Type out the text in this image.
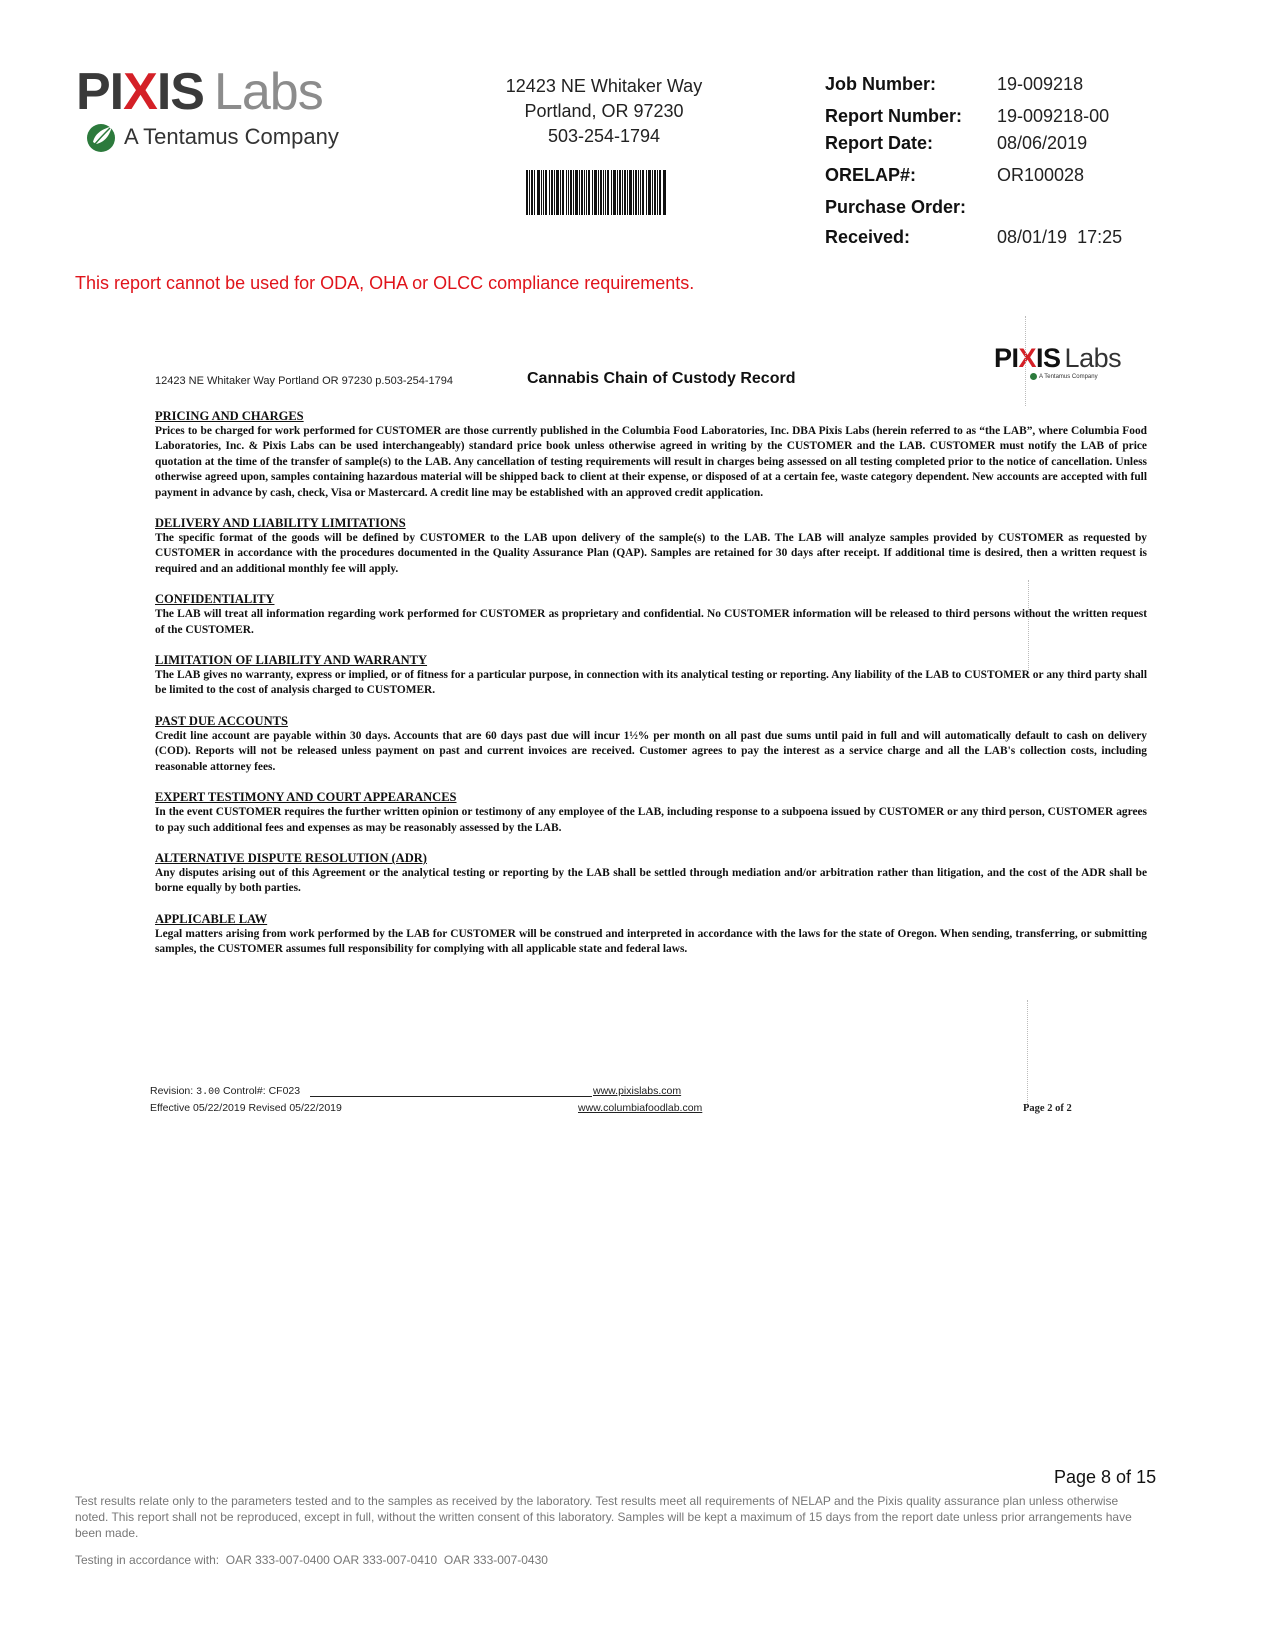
PIXIS Labs
A Tentamus Company
12423 NE Whitaker Way
Portland, OR 97230
503-254-1794
Job Number:	19-009218
Report Number: 19-009218-00
Report Date:	08/06/2019
ORELAP#:	OR100028
Purchase Order:
Received:	08/01/19  17:25
This report cannot be used for ODA, OHA or OLCC compliance requirements.
12423 NE Whitaker Way Portland OR 97230 p.503-254-1794	Cannabis Chain of Custody Record
PIXIS Labs
A Tentamus Company
PRICING AND CHARGES

Prices to be charged for work performed for CUSTOMER are those currently published in the Columbia Food Laboratories, Inc. DBA Pixis Labs (herein referred to as “the LAB”, where Columbia Food Laboratories, Inc. & Pixis Labs can be used interchangeably) standard price book unless otherwise agreed in writing by the CUSTOMER and the LAB. CUSTOMER must notify the LAB of price quotation at the time of the transfer of sample(s) to the LAB. Any cancellation of testing requirements will result in charges being assessed on all testing completed prior to the notice of cancellation. Unless otherwise agreed upon, samples containing hazardous material will be shipped back to client at their expense, or disposed of at a certain fee, waste category dependent. New accounts are accepted with full payment in advance by cash, check, Visa or Mastercard. A credit line may be established with an approved credit application.

DELIVERY AND LIABILITY LIMITATIONS

The specific format of the goods will be defined by CUSTOMER to the LAB upon delivery of the sample(s) to the LAB. The LAB will analyze samples provided by CUSTOMER as requested by CUSTOMER in accordance with the procedures documented in the Quality Assurance Plan (QAP). Samples are retained for 30 days after receipt. If additional time is desired, then a written request is required and an additional monthly fee will apply.

CONFIDENTIALITY

The LAB will treat all information regarding work performed for CUSTOMER as proprietary and confidential. No CUSTOMER information will be released to third persons without the written request of the CUSTOMER.

LIMITATION OF LIABILITY AND WARRANTY

The LAB gives no warranty, express or implied, or of fitness for a particular purpose, in connection with its analytical testing or reporting. Any liability of the LAB to CUSTOMER or any third party shall be limited to the cost of analysis charged to CUSTOMER.

PAST DUE ACCOUNTS

Credit line account are payable within 30 days. Accounts that are 60 days past due will incur 1½% per month on all past due sums until paid in full and will automatically default to cash on delivery (COD). Reports will not be released unless payment on past and current invoices are received. Customer agrees to pay the interest as a service charge and all the LAB's collection costs, including reasonable attorney fees.

EXPERT TESTIMONY AND COURT APPEARANCES

In the event CUSTOMER requires the further written opinion or testimony of any employee of the LAB, including response to a subpoena issued by CUSTOMER or any third person, CUSTOMER agrees to pay such additional fees and expenses as may be reasonably assessed by the LAB.

ALTERNATIVE DISPUTE RESOLUTION (ADR)

Any disputes arising out of this Agreement or the analytical testing or reporting by the LAB shall be settled through mediation and/or arbitration rather than litigation, and the cost of the ADR shall be borne equally by both parties.

APPLICABLE LAW

Legal matters arising from work performed by the LAB for CUSTOMER will be construed and interpreted in accordance with the laws for the state of Oregon. When sending, transferring, or submitting samples, the CUSTOMER assumes full responsibility for complying with all applicable state and federal laws.

Revision: 3.00 Control#: CF023
Effective 05/22/2019 Revised 05/22/2019
www.pixislabs.com
www.columbiafoodlab.com	Page 2 of 2
Page 8 of 15
Test results relate only to the parameters tested and to the samples as received by the laboratory. Test results meet all requirements of NELAP and the Pixis quality assurance plan unless otherwise noted. This report shall not be reproduced, except in full, without the written consent of this laboratory. Samples will be kept a maximum of 15 days from the report date unless prior arrangements have been made.
Testing in accordance with:  OAR 333-007-0400 OAR 333-007-0410  OAR 333-007-0430
